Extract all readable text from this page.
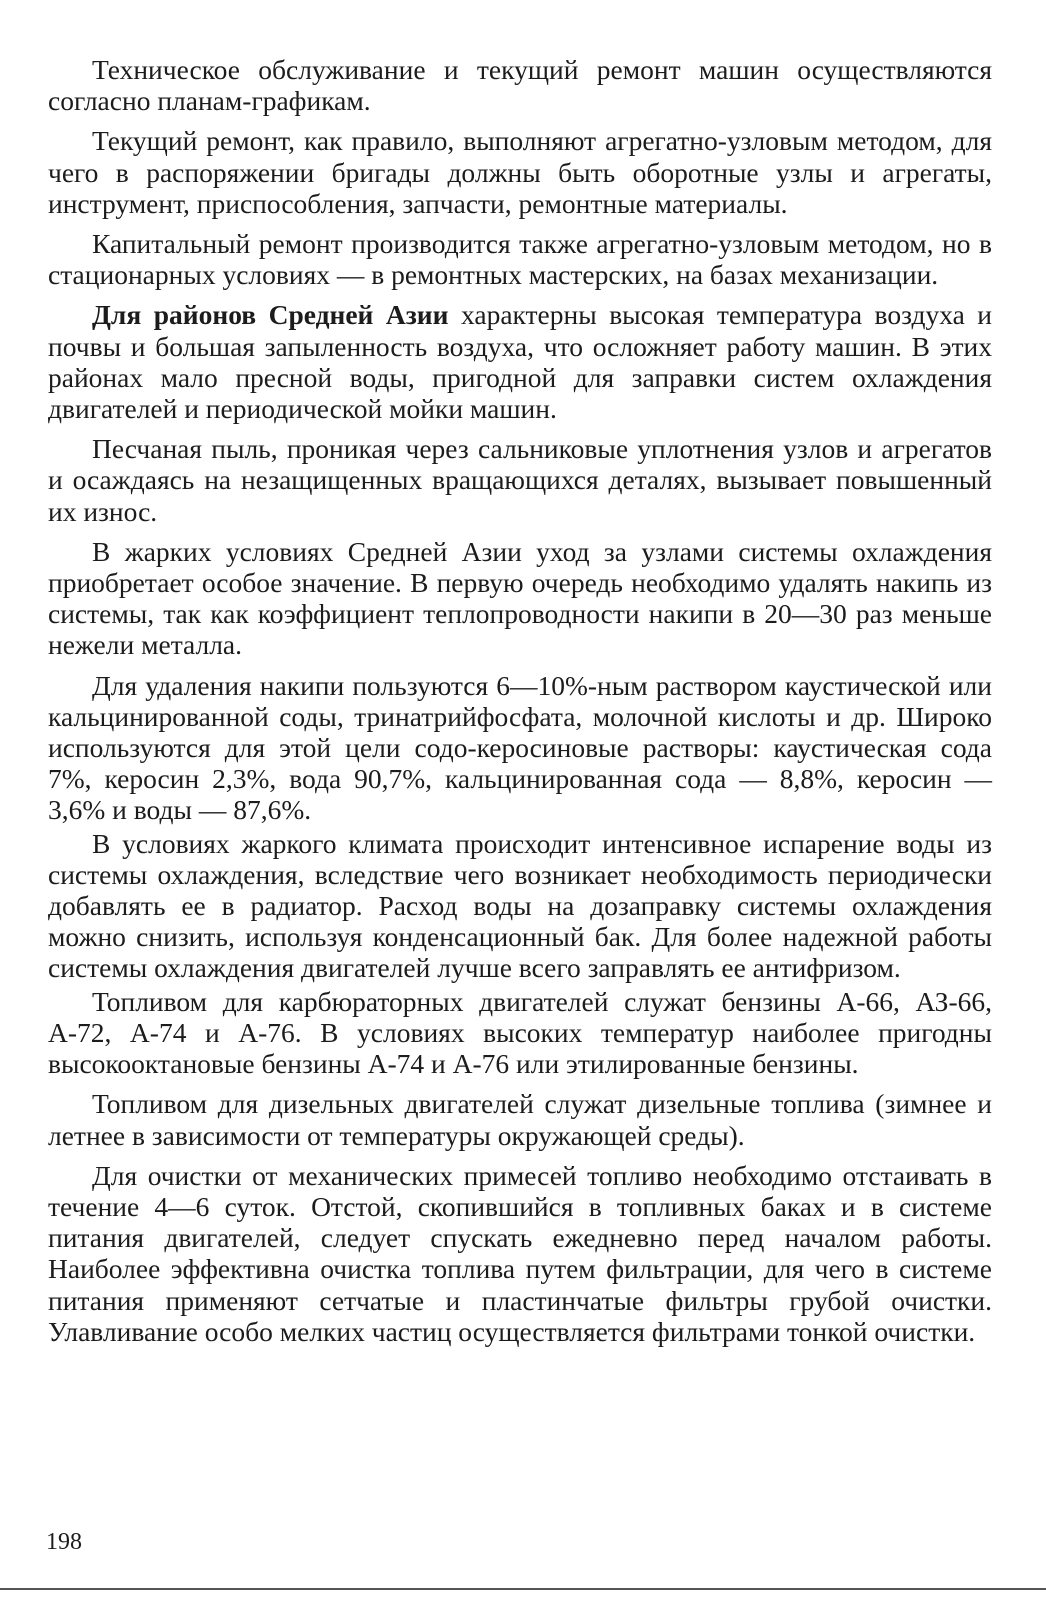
Техническое обслуживание и текущий ремонт машин осуществляются согласно планам-графикам.

Текущий ремонт, как правило, выполняют агрегатно-узловым методом, для чего в распоряжении бригады должны быть оборотные узлы и агрегаты, инструмент, приспособления, запчасти, ремонтные материалы.

Капитальный ремонт производится также агрегатно-узловым методом, но в стационарных условиях — в ремонтных мастерских, на базах механизации.

Для районов Средней Азии характерны высокая температура воздуха и почвы и большая запыленность воздуха, что осложняет работу машин. В этих районах мало пресной воды, пригодной для заправки систем охлаждения двигателей и периодической мойки машин.

Песчаная пыль, проникая через сальниковые уплотнения узлов и агрегатов и осаждаясь на незащищенных вращающихся деталях, вызывает повышенный их износ.

В жарких условиях Средней Азии уход за узлами системы охлаждения приобретает особое значение. В первую очередь необходимо удалять накипь из системы, так как коэффициент теплопроводности накипи в 20—30 раз меньше нежели металла.

Для удаления накипи пользуются 6—10%-ным раствором каустической или кальцинированной соды, тринатрийфосфата, молочной кислоты и др. Широко используются для этой цели содо-керосиновые растворы: каустическая сода 7%, керосин 2,3%, вода 90,7%, кальцинированная сода — 8,8%, керосин — 3,6% и воды — 87,6%.

В условиях жаркого климата происходит интенсивное испарение воды из системы охлаждения, вследствие чего возникает необходимость периодически добавлять ее в радиатор. Расход воды на дозаправку системы охлаждения можно снизить, используя конденсационный бак. Для более надежной работы системы охлаждения двигателей лучше всего заправлять ее антифризом.

Топливом для карбюраторных двигателей служат бензины А-66, АЗ-66, А-72, А-74 и А-76. В условиях высоких температур наиболее пригодны высокооктановые бензины А-74 и А-76 или этилированные бензины.

Топливом для дизельных двигателей служат дизельные топлива (зимнее и летнее в зависимости от температуры окружающей среды).

Для очистки от механических примесей топливо необходимо отстаивать в течение 4—6 суток. Отстой, скопившийся в топливных баках и в системе питания двигателей, следует спускать ежедневно перед началом работы. Наиболее эффективна очистка топлива путем фильтрации, для чего в системе питания применяют сетчатые и пластинчатые фильтры грубой очистки. Улавливание особо мелких частиц осуществляется фильтрами тонкой очистки.

198
